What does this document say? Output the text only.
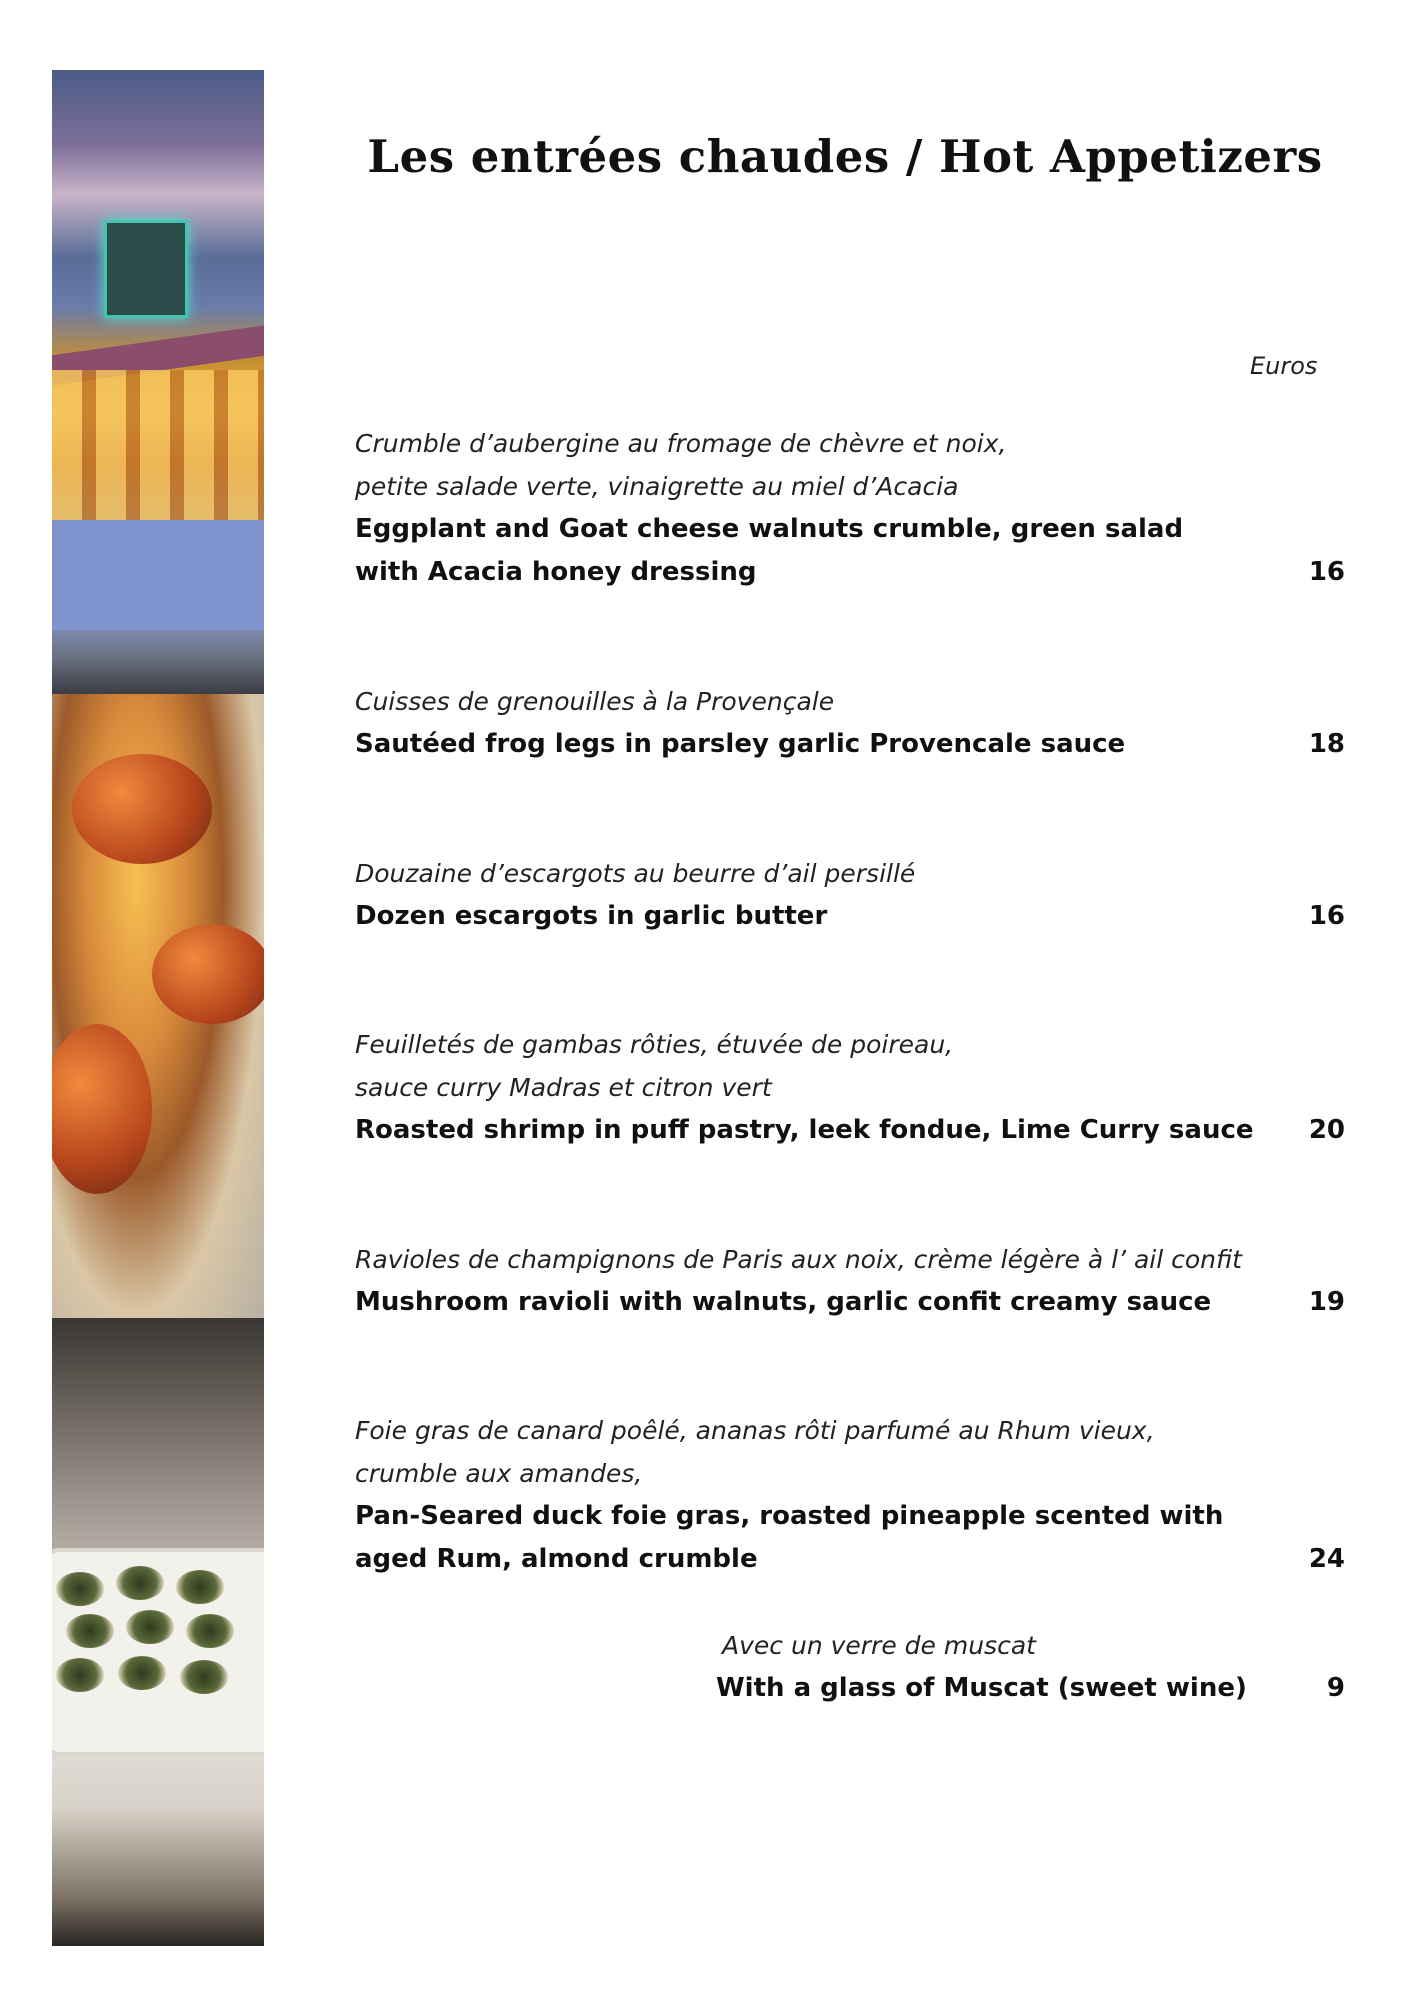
Les entrées chaudes / Hot Appetizers
Euros
Crumble d’aubergine au fromage de chèvre et noix,
petite salade verte, vinaigrette au miel d’Acacia
Eggplant and Goat cheese walnuts crumble, green salad
with Acacia honey dressing	16
Cuisses de grenouilles à la Provençale
Sautéed frog legs in parsley garlic Provencale sauce	18
Douzaine d’escargots au beurre d’ail persillé
Dozen escargots in garlic butter	16
Feuilletés de gambas rôties, étuvée de poireau,
sauce curry Madras et citron vert
Roasted shrimp in puff pastry, leek fondue, Lime Curry sauce	20
Ravioles de champignons de Paris aux noix, crème légère à l’ ail confit
Mushroom ravioli with walnuts, garlic confit creamy sauce	19
Foie gras de canard poêlé, ananas rôti parfumé au Rhum vieux,
crumble aux amandes,
Pan-Seared duck foie gras, roasted pineapple scented with
aged Rum, almond crumble	24
Avec un verre de muscat
With a glass of Muscat (sweet wine)	9
